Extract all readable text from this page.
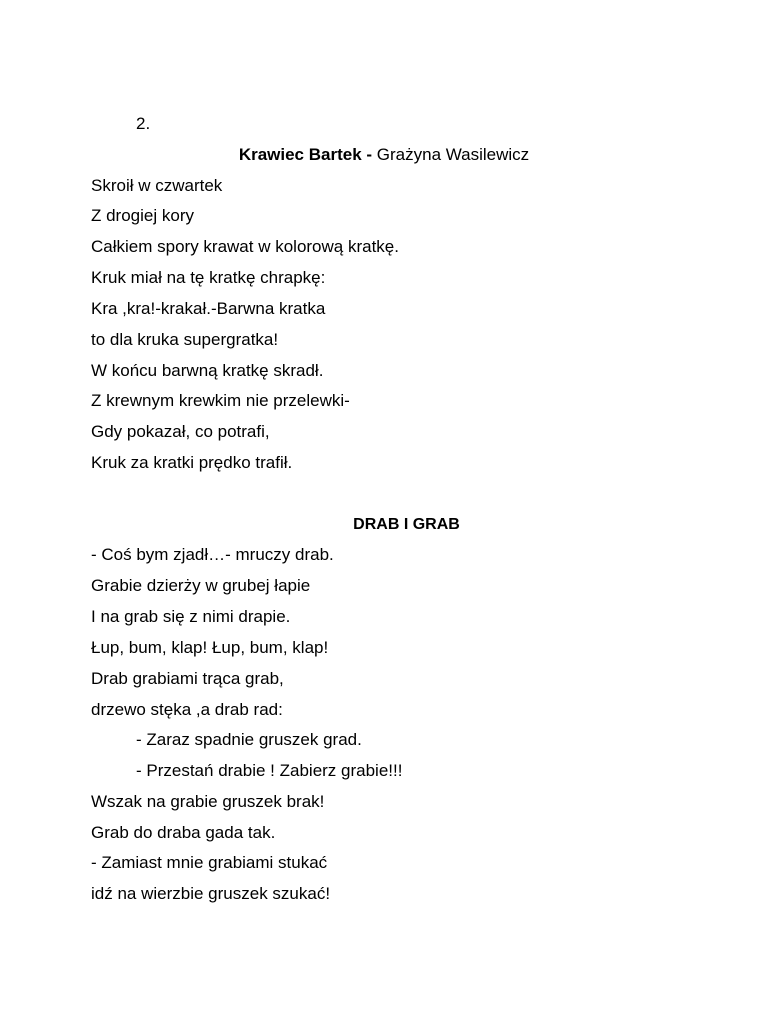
2.
Krawiec Bartek - Grażyna Wasilewicz
Skroił w czwartek
Z drogiej kory
Całkiem spory krawat w kolorową kratkę.
Kruk miał na tę kratkę chrapkę:
Kra ,kra!-krakał.-Barwna kratka
to dla kruka supergratka!
W końcu barwną kratkę skradł.
Z krewnym krewkim nie przelewki-
Gdy pokazał, co potrafi,
Kruk za kratki prędko trafił.
DRAB I GRAB
- Coś bym zjadł…- mruczy drab.
Grabie dzierży w grubej łapie
I na grab się z nimi drapie.
Łup, bum, klap! Łup, bum, klap!
Drab grabiami trąca grab,
drzewo stęka ,a drab rad:
- Zaraz spadnie gruszek grad.
- Przestań drabie ! Zabierz grabie!!!
Wszak na grabie gruszek brak!
Grab do draba gada tak.
- Zamiast mnie grabiami stukać
idź na wierzbie gruszek szukać!
